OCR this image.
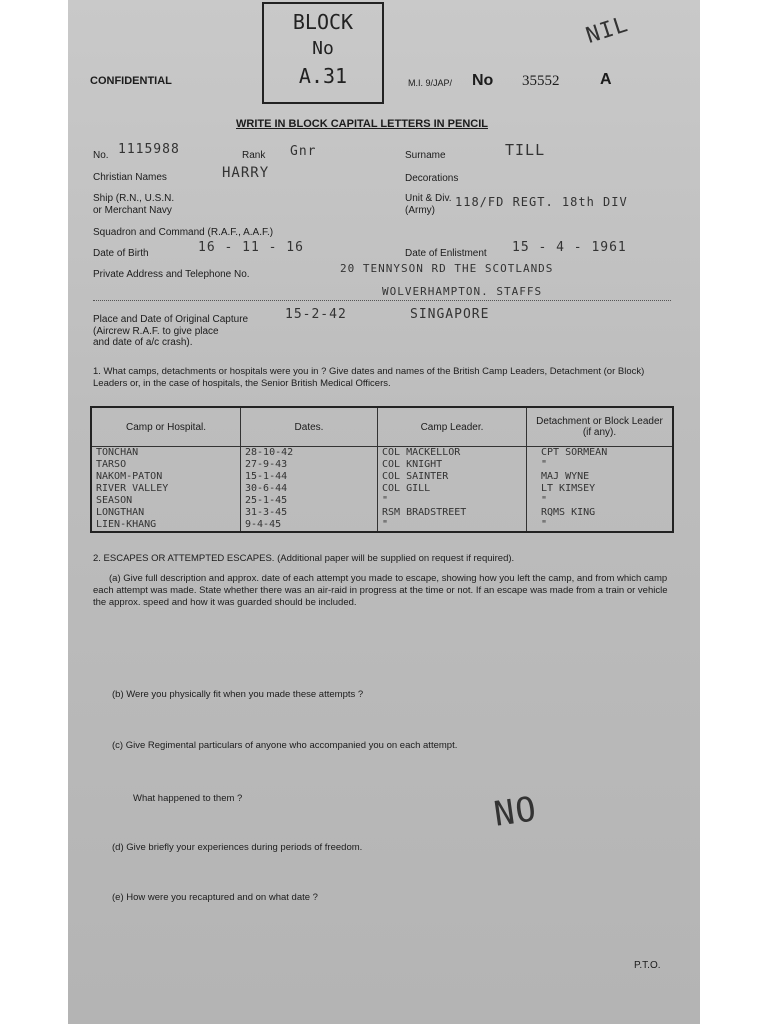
CONFIDENTIAL
BLOCK
No
A.31
NIL
M.I. 9/JAP/ No 35552	A
WRITE IN BLOCK CAPITAL LETTERS IN PENCIL
No. 1115988	Rank Gnr	Surname	TILL
Christian Names	HARRY	Decorations
Ship (R.N., U.S.N.
or Merchant Navy
Unit & Div.
(Army)
118/FD REGT. 18th DIV
Squadron and Command (R.A.F., A.A.F.)
Date of Birth	16 - 11 - 16	Date of Enlistment 15 - 4 - 1961
Private Address and Telephone No.	20 TENNYSON RD THE SCOTLANDS
WOLVERHAMPTON. STAFFS
Place and Date of Original Capture
(Aircrew R.A.F. to give place
and date of a/c crash).
15-2-42	SINGAPORE
1. What camps, detachments or hospitals were you in ? Give dates and names of the British Camp Leaders, Detachment (or Block) Leaders or, in the case of hospitals, the Senior British Medical Officers.
Camp or Hospital.	Dates.	Camp Leader.	Detachment or Block Leader (if any).
TONCHAN	28-10-42	COL MACKELLOR	CPT SORMEAN
TARSO	27-9-43	COL KNIGHT	"
NAKOM-PATON	15-1-44	COL SAINTER	MAJ WYNE
RIVER VALLEY	30-6-44	COL GILL	LT KIMSEY
SEASON	25-1-45	"	"
LONGTHAN	31-3-45	RSM BRADSTREET	RQMS KING
LIEN-KHANG	9-4-45	"	"
2. ESCAPES OR ATTEMPTED ESCAPES. (Additional paper will be supplied on request if required).
(a) Give full description and approx. date of each attempt you made to escape, showing how you left the camp, and from which camp each attempt was made. State whether there was an air-raid in progress at the time or not. If an escape was made from a train or vehicle the approx. speed and how it was guarded should be included.
(b) Were you physically fit when you made these attempts ?
(c) Give Regimental particulars of anyone who accompanied you on each attempt.
What happened to them ?	NO
(d) Give briefly your experiences during periods of freedom.
(e) How were you recaptured and on what date ?
P.T.O.
